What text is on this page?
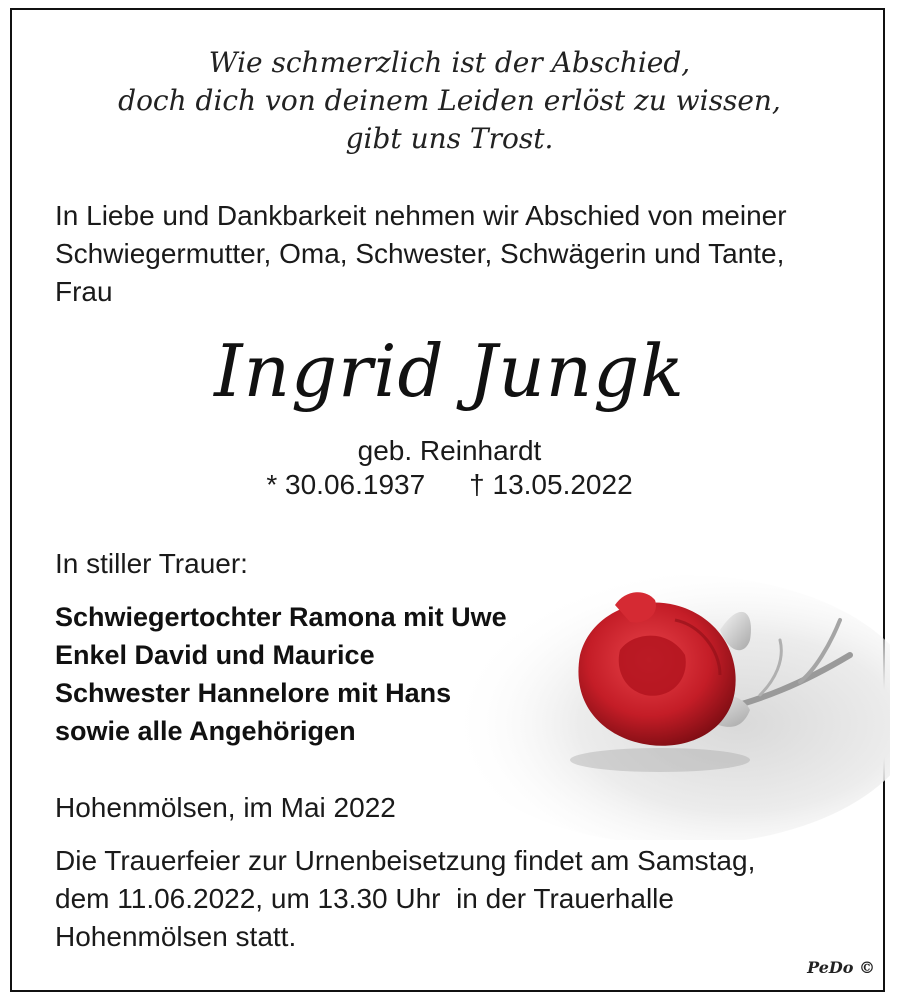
Wie schmerzlich ist der Abschied,
doch dich von deinem Leiden erlöst zu wissen,
gibt uns Trost.
In Liebe und Dankbarkeit nehmen wir Abschied von meiner
Schwiegermutter, Oma, Schwester, Schwägerin und Tante,
Frau
Ingrid Jungk
geb. Reinhardt
* 30.06.1937 † 13.05.2022
In stiller Trauer:
Schwiegertochter Ramona mit Uwe
Enkel David und Maurice
Schwester Hannelore mit Hans
sowie alle Angehörigen
Hohenmölsen, im Mai 2022
Die Trauerfeier zur Urnenbeisetzung findet am Samstag,
dem 11.06.2022, um 13.30 Uhr  in der Trauerhalle
Hohenmölsen statt.
PeDo ©
